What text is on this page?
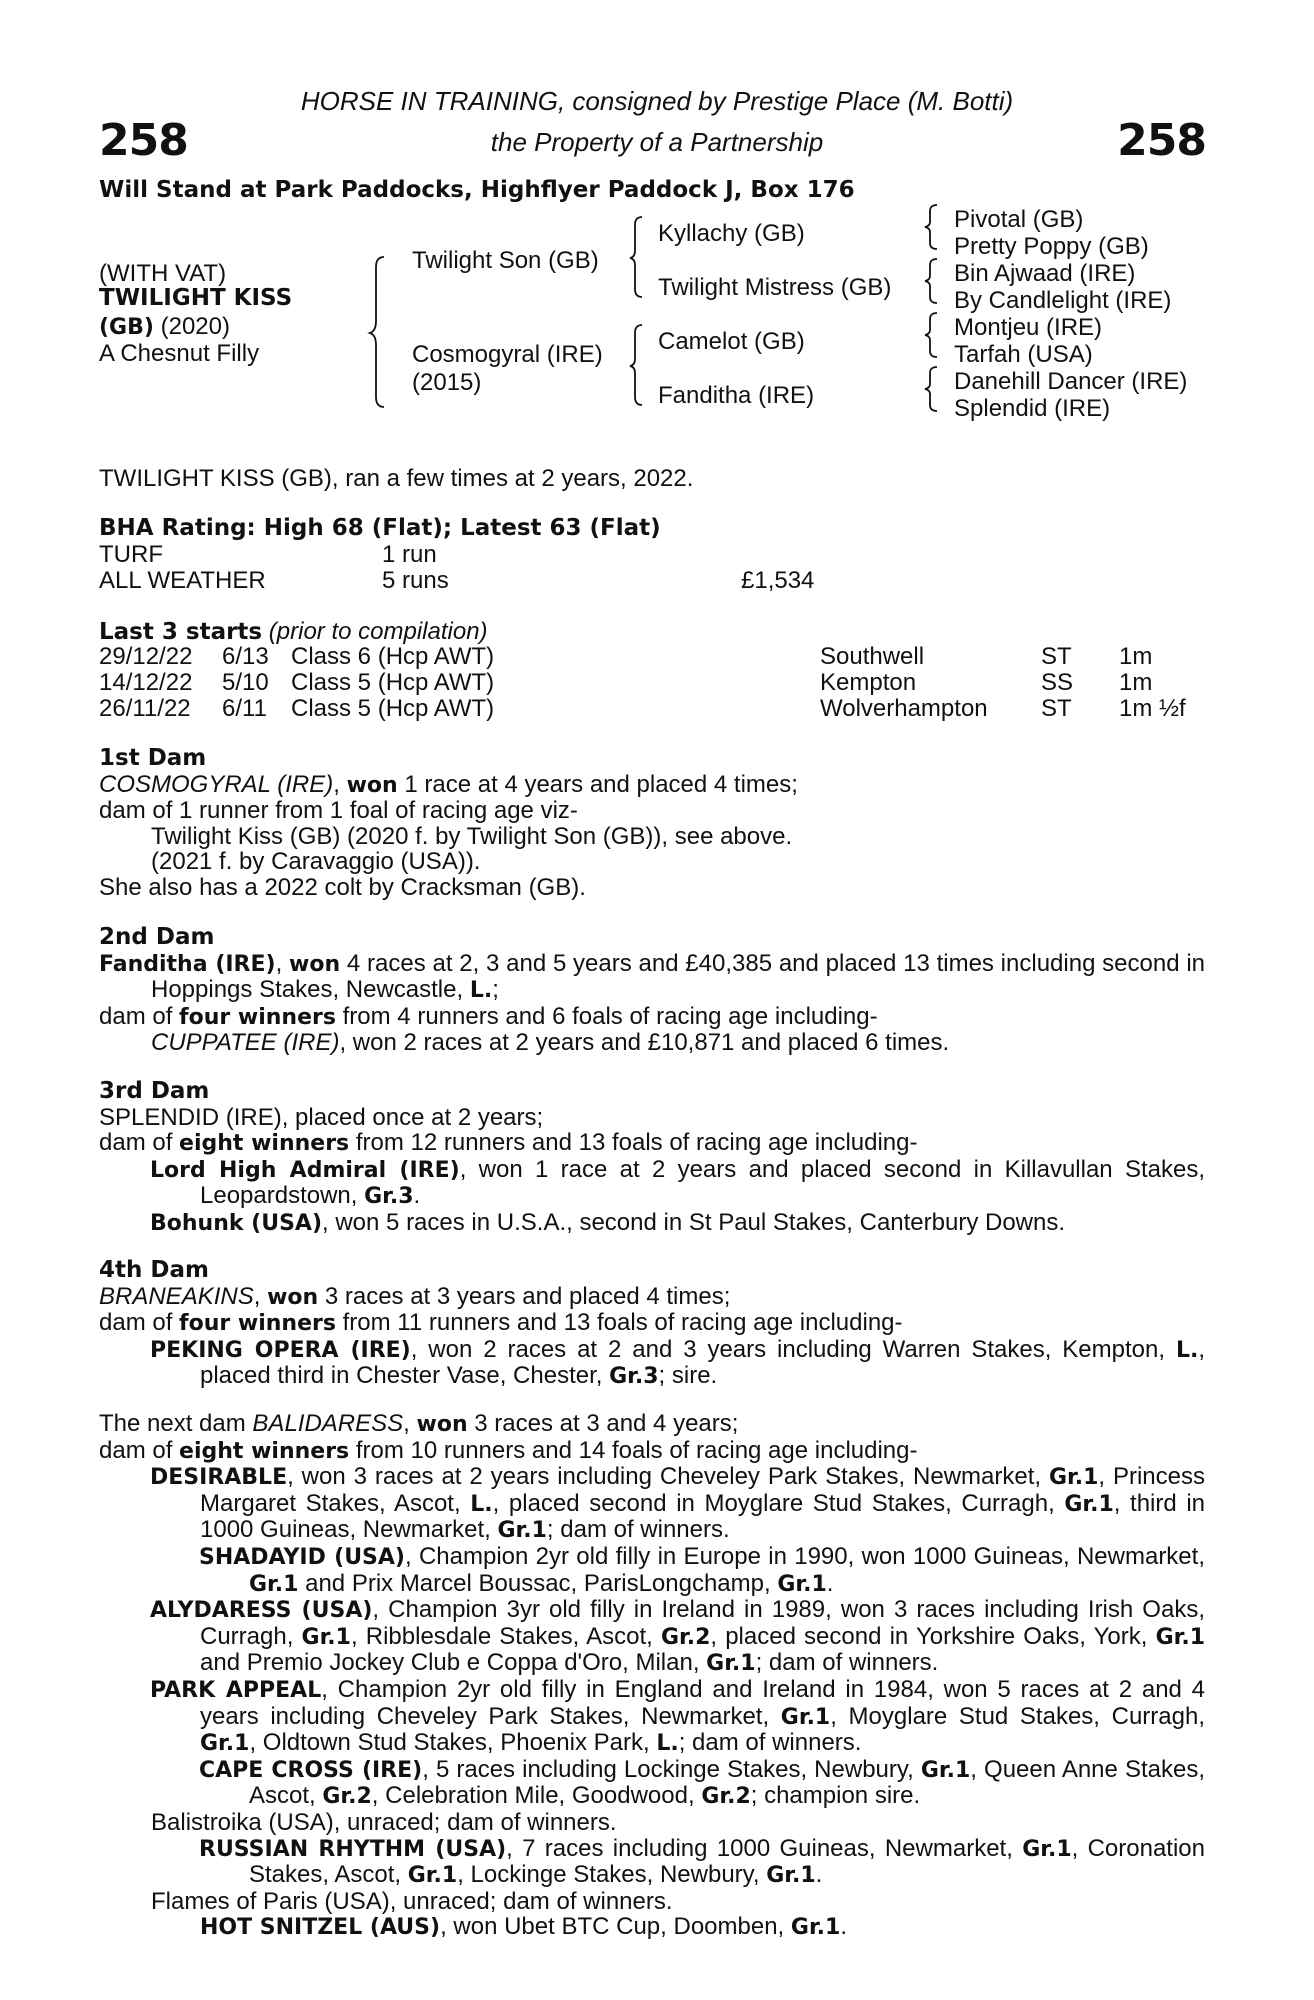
258	258
HORSE IN TRAINING, consigned by Prestige Place (M. Botti)
the Property of a Partnership
Will Stand at Park Paddocks, Highflyer Paddock J, Box 176
(WITH VAT)
TWILIGHT KISS
(GB) (2020)
A Chesnut Filly
Twilight Son (GB)
Cosmogyral (IRE)
(2015)
Kyllachy (GB)
Twilight Mistress (GB)
Camelot (GB)
Fanditha (IRE)
Pivotal (GB)
Pretty Poppy (GB)
Bin Ajwaad (IRE)
By Candlelight (IRE)
Montjeu (IRE)
Tarfah (USA)
Danehill Dancer (IRE)
Splendid (IRE)
TWILIGHT KISS (GB), ran a few times at 2 years, 2022.
BHA Rating: High 68 (Flat); Latest 63 (Flat)
TURF	1 run
ALL WEATHER	5 runs	£1,534
Last 3 starts (prior to compilation)
29/12/22 6/13 Class 6 (Hcp AWT)	Southwell	ST 1m
14/12/22 5/10 Class 5 (Hcp AWT)	Kempton	SS 1m
26/11/22 6/11 Class 5 (Hcp AWT)	Wolverhampton ST 1m ½f

1st Dam

COSMOGYRAL (IRE), won 1 race at 4 years and placed 4 times;

dam of 1 runner from 1 foal of racing age viz-

Twilight Kiss (GB) (2020 f. by Twilight Son (GB)), see above.

(2021 f. by Caravaggio (USA)).

She also has a 2022 colt by Cracksman (GB).

2nd Dam

Fanditha (IRE), won 4 races at 2, 3 and 5 years and £40,385 and placed 13 times including second in Hoppings Stakes, Newcastle, L.;

dam of four winners from 4 runners and 6 foals of racing age including-

CUPPATEE (IRE), won 2 races at 2 years and £10,871 and placed 6 times.

3rd Dam

SPLENDID (IRE), placed once at 2 years;

dam of eight winners from 12 runners and 13 foals of racing age including-

Lord High Admiral (IRE), won 1 race at 2 years and placed second in Killavullan Stakes, Leopardstown, Gr.3.

Bohunk (USA), won 5 races in U.S.A., second in St Paul Stakes, Canterbury Downs.

4th Dam

BRANEAKINS, won 3 races at 3 years and placed 4 times;

dam of four winners from 11 runners and 13 foals of racing age including-

PEKING OPERA (IRE), won 2 races at 2 and 3 years including Warren Stakes, Kempton, L., placed third in Chester Vase, Chester, Gr.3; sire.

The next dam BALIDARESS, won 3 races at 3 and 4 years;

dam of eight winners from 10 runners and 14 foals of racing age including-

DESIRABLE, won 3 races at 2 years including Cheveley Park Stakes, Newmarket, Gr.1, Princess Margaret Stakes, Ascot, L., placed second in Moyglare Stud Stakes, Curragh, Gr.1, third in 1000 Guineas, Newmarket, Gr.1; dam of winners.

SHADAYID (USA), Champion 2yr old filly in Europe in 1990, won 1000 Guineas, Newmarket, Gr.1 and Prix Marcel Boussac, ParisLongchamp, Gr.1.

ALYDARESS (USA), Champion 3yr old filly in Ireland in 1989, won 3 races including Irish Oaks, Curragh, Gr.1, Ribblesdale Stakes, Ascot, Gr.2, placed second in Yorkshire Oaks, York, Gr.1 and Premio Jockey Club e Coppa d'Oro, Milan, Gr.1; dam of winners.

PARK APPEAL, Champion 2yr old filly in England and Ireland in 1984, won 5 races at 2 and 4 years including Cheveley Park Stakes, Newmarket, Gr.1, Moyglare Stud Stakes, Curragh, Gr.1, Oldtown Stud Stakes, Phoenix Park, L.; dam of winners.

CAPE CROSS (IRE), 5 races including Lockinge Stakes, Newbury, Gr.1, Queen Anne Stakes, Ascot, Gr.2, Celebration Mile, Goodwood, Gr.2; champion sire.

Balistroika (USA), unraced; dam of winners.

RUSSIAN RHYTHM (USA), 7 races including 1000 Guineas, Newmarket, Gr.1, Coronation Stakes, Ascot, Gr.1, Lockinge Stakes, Newbury, Gr.1.

Flames of Paris (USA), unraced; dam of winners.

HOT SNITZEL (AUS), won Ubet BTC Cup, Doomben, Gr.1.
